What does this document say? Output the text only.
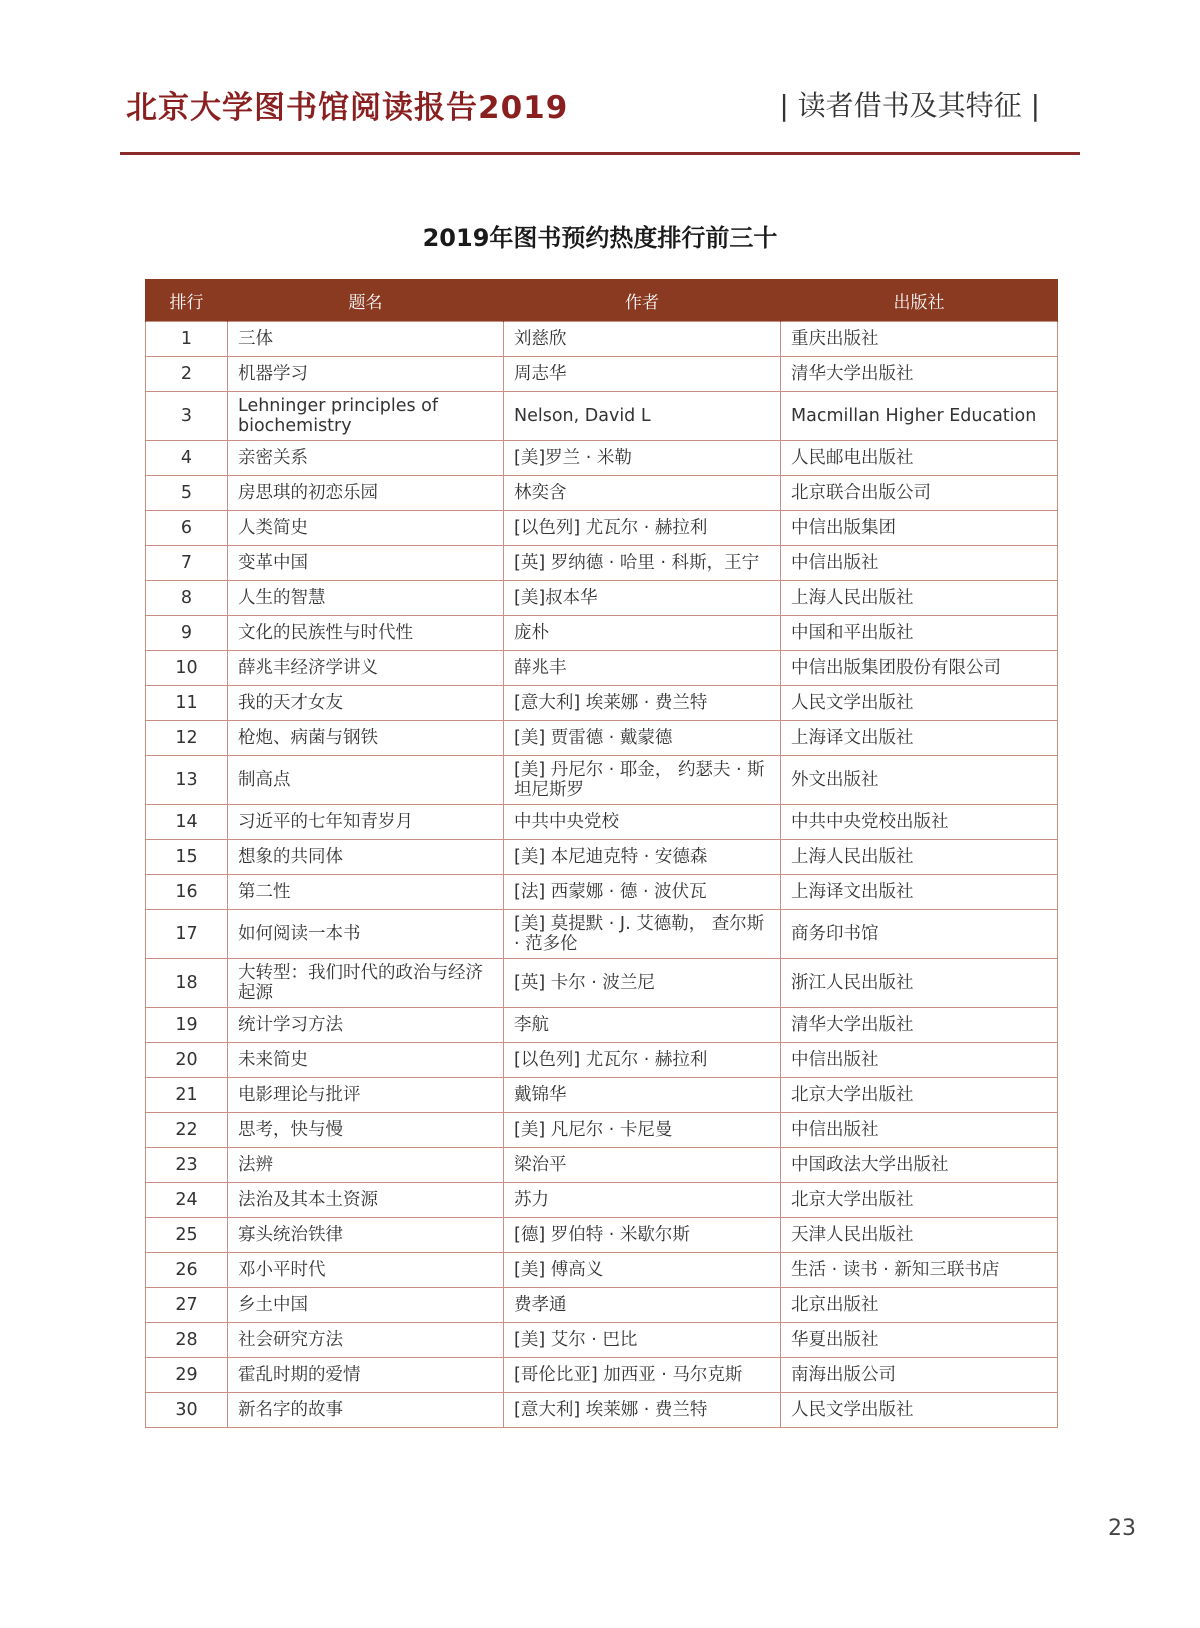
北京大学图书馆阅读报告2019	| 读者借书及其特征 |
2019年图书预约热度排行前三十
排行	题名	作者	出版社
1	三体	刘慈欣	重庆出版社
2	机器学习	周志华	清华大学出版社
3	Lehninger principles of biochemistry	Nelson, David L	Macmillan Higher Education
4	亲密关系	[美]罗兰 · 米勒	人民邮电出版社
5	房思琪的初恋乐园	林奕含	北京联合出版公司
6	人类简史	[以色列] 尤瓦尔 · 赫拉利	中信出版集团
7	变革中国	[英] 罗纳德 · 哈里 · 科斯，王宁	中信出版社
8	人生的智慧	[美]叔本华	上海人民出版社
9	文化的民族性与时代性	庞朴	中国和平出版社
10	薛兆丰经济学讲义	薛兆丰	中信出版集团股份有限公司
11	我的天才女友	[意大利] 埃莱娜 · 费兰特	人民文学出版社
12	枪炮、病菌与钢铁	[美] 贾雷德 · 戴蒙德	上海译文出版社
13	制高点	[美] 丹尼尔 · 耶金， 约瑟夫 · 斯坦尼斯罗	外文出版社
14	习近平的七年知青岁月	中共中央党校	中共中央党校出版社
15	想象的共同体	[美] 本尼迪克特 · 安德森	上海人民出版社
16	第二性	[法] 西蒙娜 · 德 · 波伏瓦	上海译文出版社
17	如何阅读一本书	[美] 莫提默 · J. 艾德勒， 查尔斯 · 范多伦	商务印书馆
18	大转型：我们时代的政治与经济起源	[英] 卡尔 · 波兰尼	浙江人民出版社
19	统计学习方法	李航	清华大学出版社
20	未来简史	[以色列] 尤瓦尔 · 赫拉利	中信出版社
21	电影理论与批评	戴锦华	北京大学出版社
22	思考，快与慢	[美] 凡尼尔 · 卡尼曼	中信出版社
23	法辨	梁治平	中国政法大学出版社
24	法治及其本土资源	苏力	北京大学出版社
25	寡头统治铁律	[德] 罗伯特 · 米歇尔斯	天津人民出版社
26	邓小平时代	[美] 傅高义	生活 · 读书 · 新知三联书店
27	乡土中国	费孝通	北京出版社
28	社会研究方法	[美] 艾尔 · 巴比	华夏出版社
29	霍乱时期的爱情	[哥伦比亚] 加西亚 · 马尔克斯	南海出版公司
30	新名字的故事	[意大利] 埃莱娜 · 费兰特	人民文学出版社
23
